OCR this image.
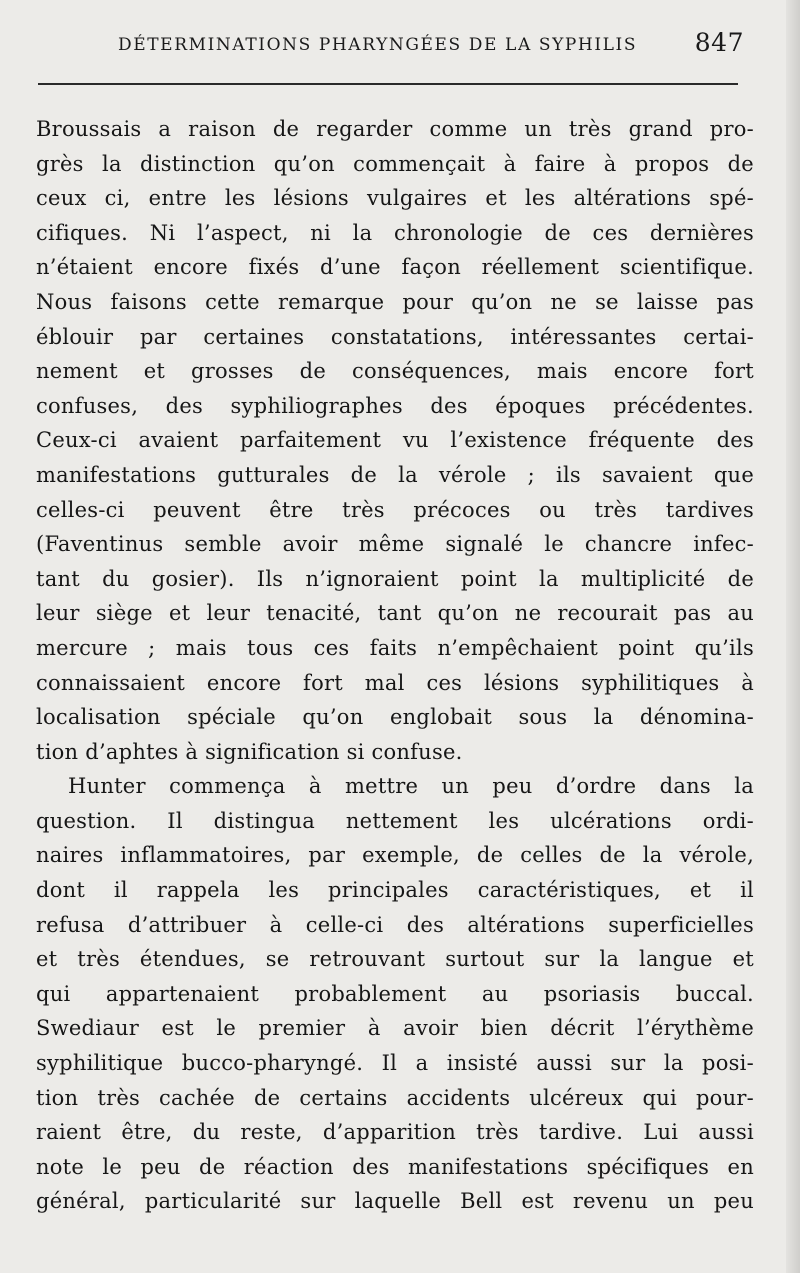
DÉTERMINATIONS PHARYNGÉES DE LA SYPHILIS 847
Broussais a raison de regarder comme un très grand pro-
grès la distinction qu’on commençait à faire à propos de
ceux ci, entre les lésions vulgaires et les altérations spé-
cifiques. Ni l’aspect, ni la chronologie de ces dernières
n’étaient encore fixés d’une façon réellement scientifique.
Nous faisons cette remarque pour qu’on ne se laisse pas
éblouir par certaines constatations, intéressantes certai-
nement et grosses de conséquences, mais encore fort
confuses, des syphiliographes des époques précédentes.
Ceux-ci avaient parfaitement vu l’existence fréquente des
manifestations gutturales de la vérole ; ils savaient que
celles-ci peuvent être très précoces ou très tardives
(Faventinus semble avoir même signalé le chancre infec-
tant du gosier). Ils n’ignoraient point la multiplicité de
leur siège et leur tenacité, tant qu’on ne recourait pas au
mercure ; mais tous ces faits n’empêchaient point qu’ils
connaissaient encore fort mal ces lésions syphilitiques à
localisation spéciale qu’on englobait sous la dénomina-
tion d’aphtes à signification si confuse.
Hunter commença à mettre un peu d’ordre dans la
question. Il distingua nettement les ulcérations ordi-
naires inflammatoires, par exemple, de celles de la vérole,
dont il rappela les principales caractéristiques, et il
refusa d’attribuer à celle-ci des altérations superficielles
et très étendues, se retrouvant surtout sur la langue et
qui appartenaient probablement au psoriasis buccal.
Swediaur est le premier à avoir bien décrit l’érythème
syphilitique bucco-pharyngé. Il a insisté aussi sur la posi-
tion très cachée de certains accidents ulcéreux qui pour-
raient être, du reste, d’apparition très tardive. Lui aussi
note le peu de réaction des manifestations spécifiques en
général, particularité sur laquelle Bell est revenu un peu
